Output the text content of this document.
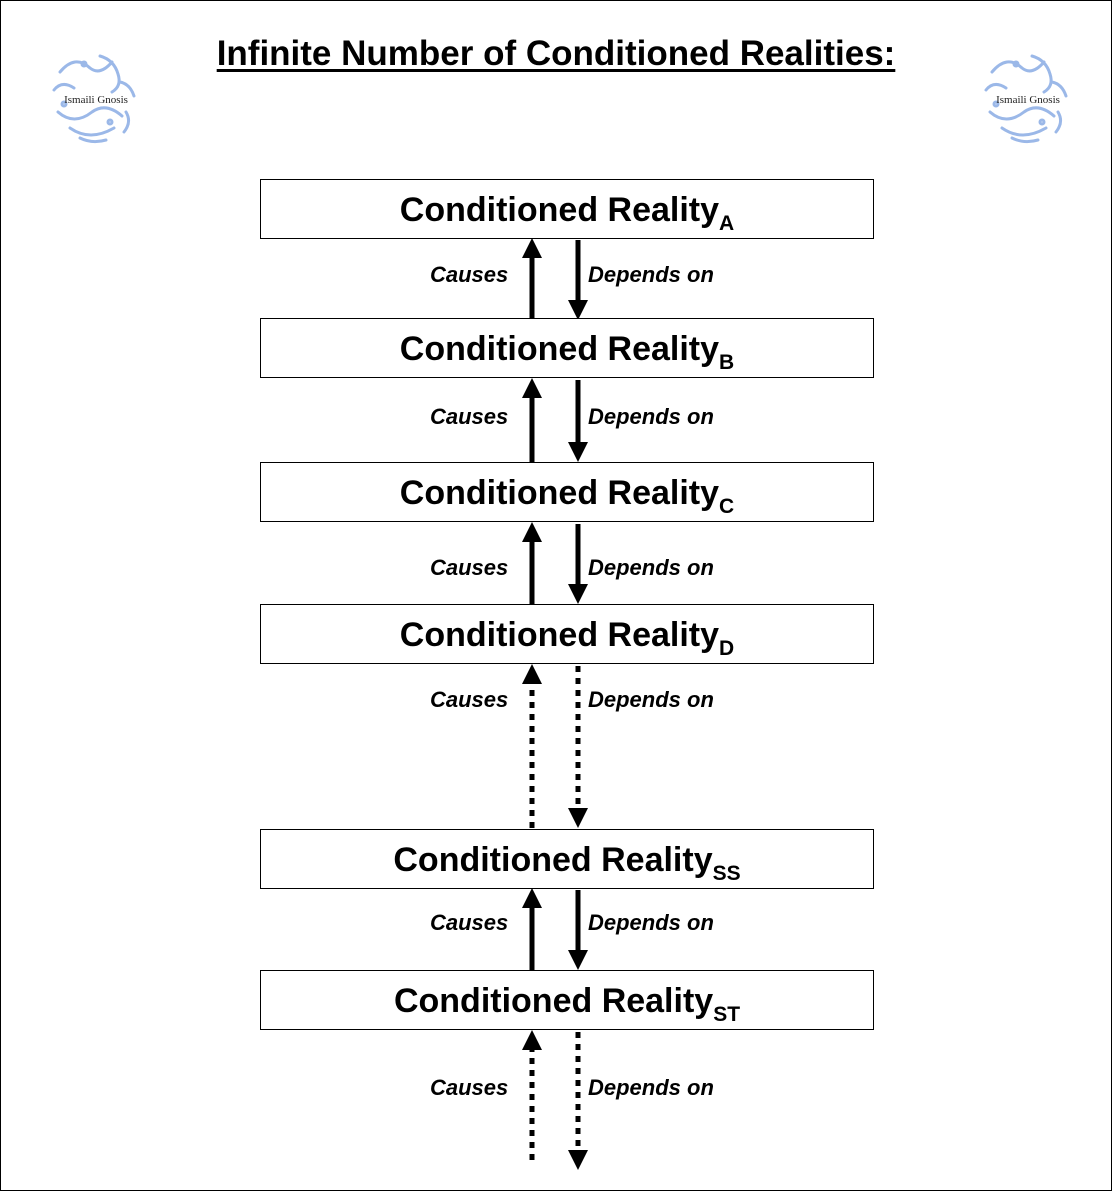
Infinite Number of Conditioned Realities:
Ismaili Gnosis	Ismaili Gnosis
Conditioned Reality$_A$
Conditioned Reality$_B$
Conditioned Reality$_C$
Conditioned Reality$_D$
Conditioned Reality$_{SS}$
Conditioned Reality$_{ST}$
Causes	Depends on
Causes	Depends on
Causes	Depends on
Causes	Depends on
Causes	Depends on
Causes	Depends on
